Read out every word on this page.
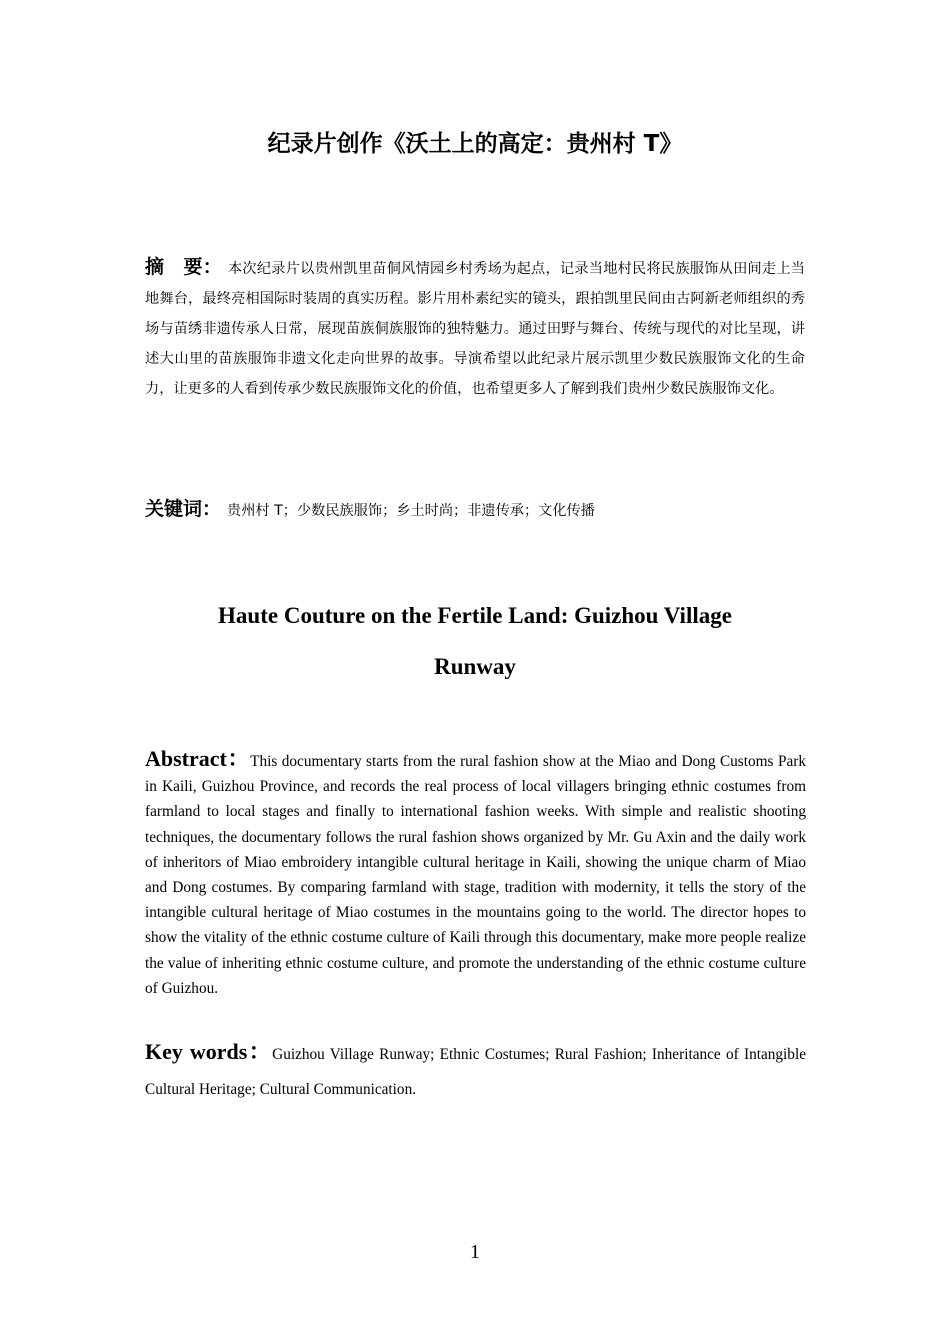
纪录片创作《沃土上的高定：贵州村 T》
摘　要： 本次纪录片以贵州凯里苗侗风情园乡村秀场为起点，记录当地村民将民族服饰从田间走上当地舞台，最终亮相国际时装周的真实历程。影片用朴素纪实的镜头，跟拍凯里民间由古阿新老师组织的秀场与苗绣非遗传承人日常，展现苗族侗族服饰的独特魅力。通过田野与舞台、传统与现代的对比呈现，讲述大山里的苗族服饰非遗文化走向世界的故事。导演希望以此纪录片展示凯里少数民族服饰文化的生命力，让更多的人看到传承少数民族服饰文化的价值，也希望更多人了解到我们贵州少数民族服饰文化。
关键词： 贵州村 T；少数民族服饰；乡土时尚；非遗传承；文化传播
Haute Couture on the Fertile Land: Guizhou Village
Runway
Abstract：This documentary starts from the rural fashion show at the Miao and Dong Customs Park in Kaili, Guizhou Province, and records the real process of local villagers bringing ethnic costumes from farmland to local stages and finally to international fashion weeks. With simple and realistic shooting techniques, the documentary follows the rural fashion shows organized by Mr. Gu Axin and the daily work of inheritors of Miao embroidery intangible cultural heritage in Kaili, showing the unique charm of Miao and Dong costumes. By comparing farmland with stage, tradition with modernity, it tells the story of the intangible cultural heritage of Miao costumes in the mountains going to the world. The director hopes to show the vitality of the ethnic costume culture of Kaili through this documentary, make more people realize the value of inheriting ethnic costume culture, and promote the understanding of the ethnic costume culture of Guizhou.
Key words：Guizhou Village Runway; Ethnic Costumes; Rural Fashion; Inheritance of Intangible Cultural Heritage; Cultural Communication.
1
